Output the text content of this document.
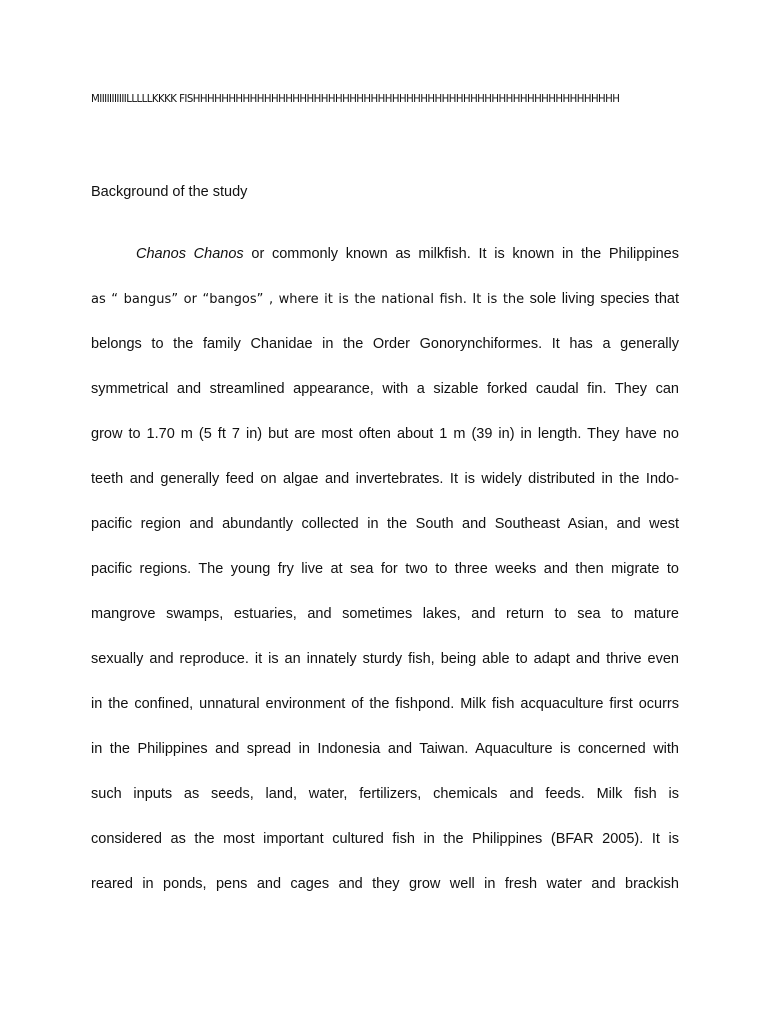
MIIIIIIIIIIILLLLLKKKK FISHHHHHHHHHHHHHHHHHHHHHHHHHHHHHHHHHHHHHHHHHHHHHHHHHHHHHHHHHHHH
Background of the study
Chanos Chanos or commonly known as milkfish. It is known in the Philippines
as “ bangus” or “bangos” , where it is the national fish. It is the sole living species that
belongs to the family Chanidae in the Order Gonorynchiformes. It has a generally
symmetrical and streamlined appearance, with a sizable forked caudal fin. They can
grow to 1.70 m (5 ft 7 in) but are most often about 1 m (39 in) in length. They have no
teeth and generally feed on algae and invertebrates. It is widely distributed in the Indo-
pacific region and abundantly collected in the South and Southeast Asian, and west
pacific regions. The young fry live at sea for two to three weeks and then migrate to
mangrove swamps, estuaries, and sometimes lakes, and return to sea to mature
sexually and reproduce. it is an innately sturdy fish, being able to adapt and thrive even
in the confined, unnatural environment of the fishpond. Milk fish acquaculture first ocurrs
in the Philippines and spread in Indonesia and Taiwan. Aquaculture is concerned with
such inputs as seeds, land, water, fertilizers, chemicals and feeds. Milk fish is
considered as the most important cultured fish in the Philippines (BFAR 2005). It is
reared in ponds, pens and cages and they grow well in fresh water and brackish
